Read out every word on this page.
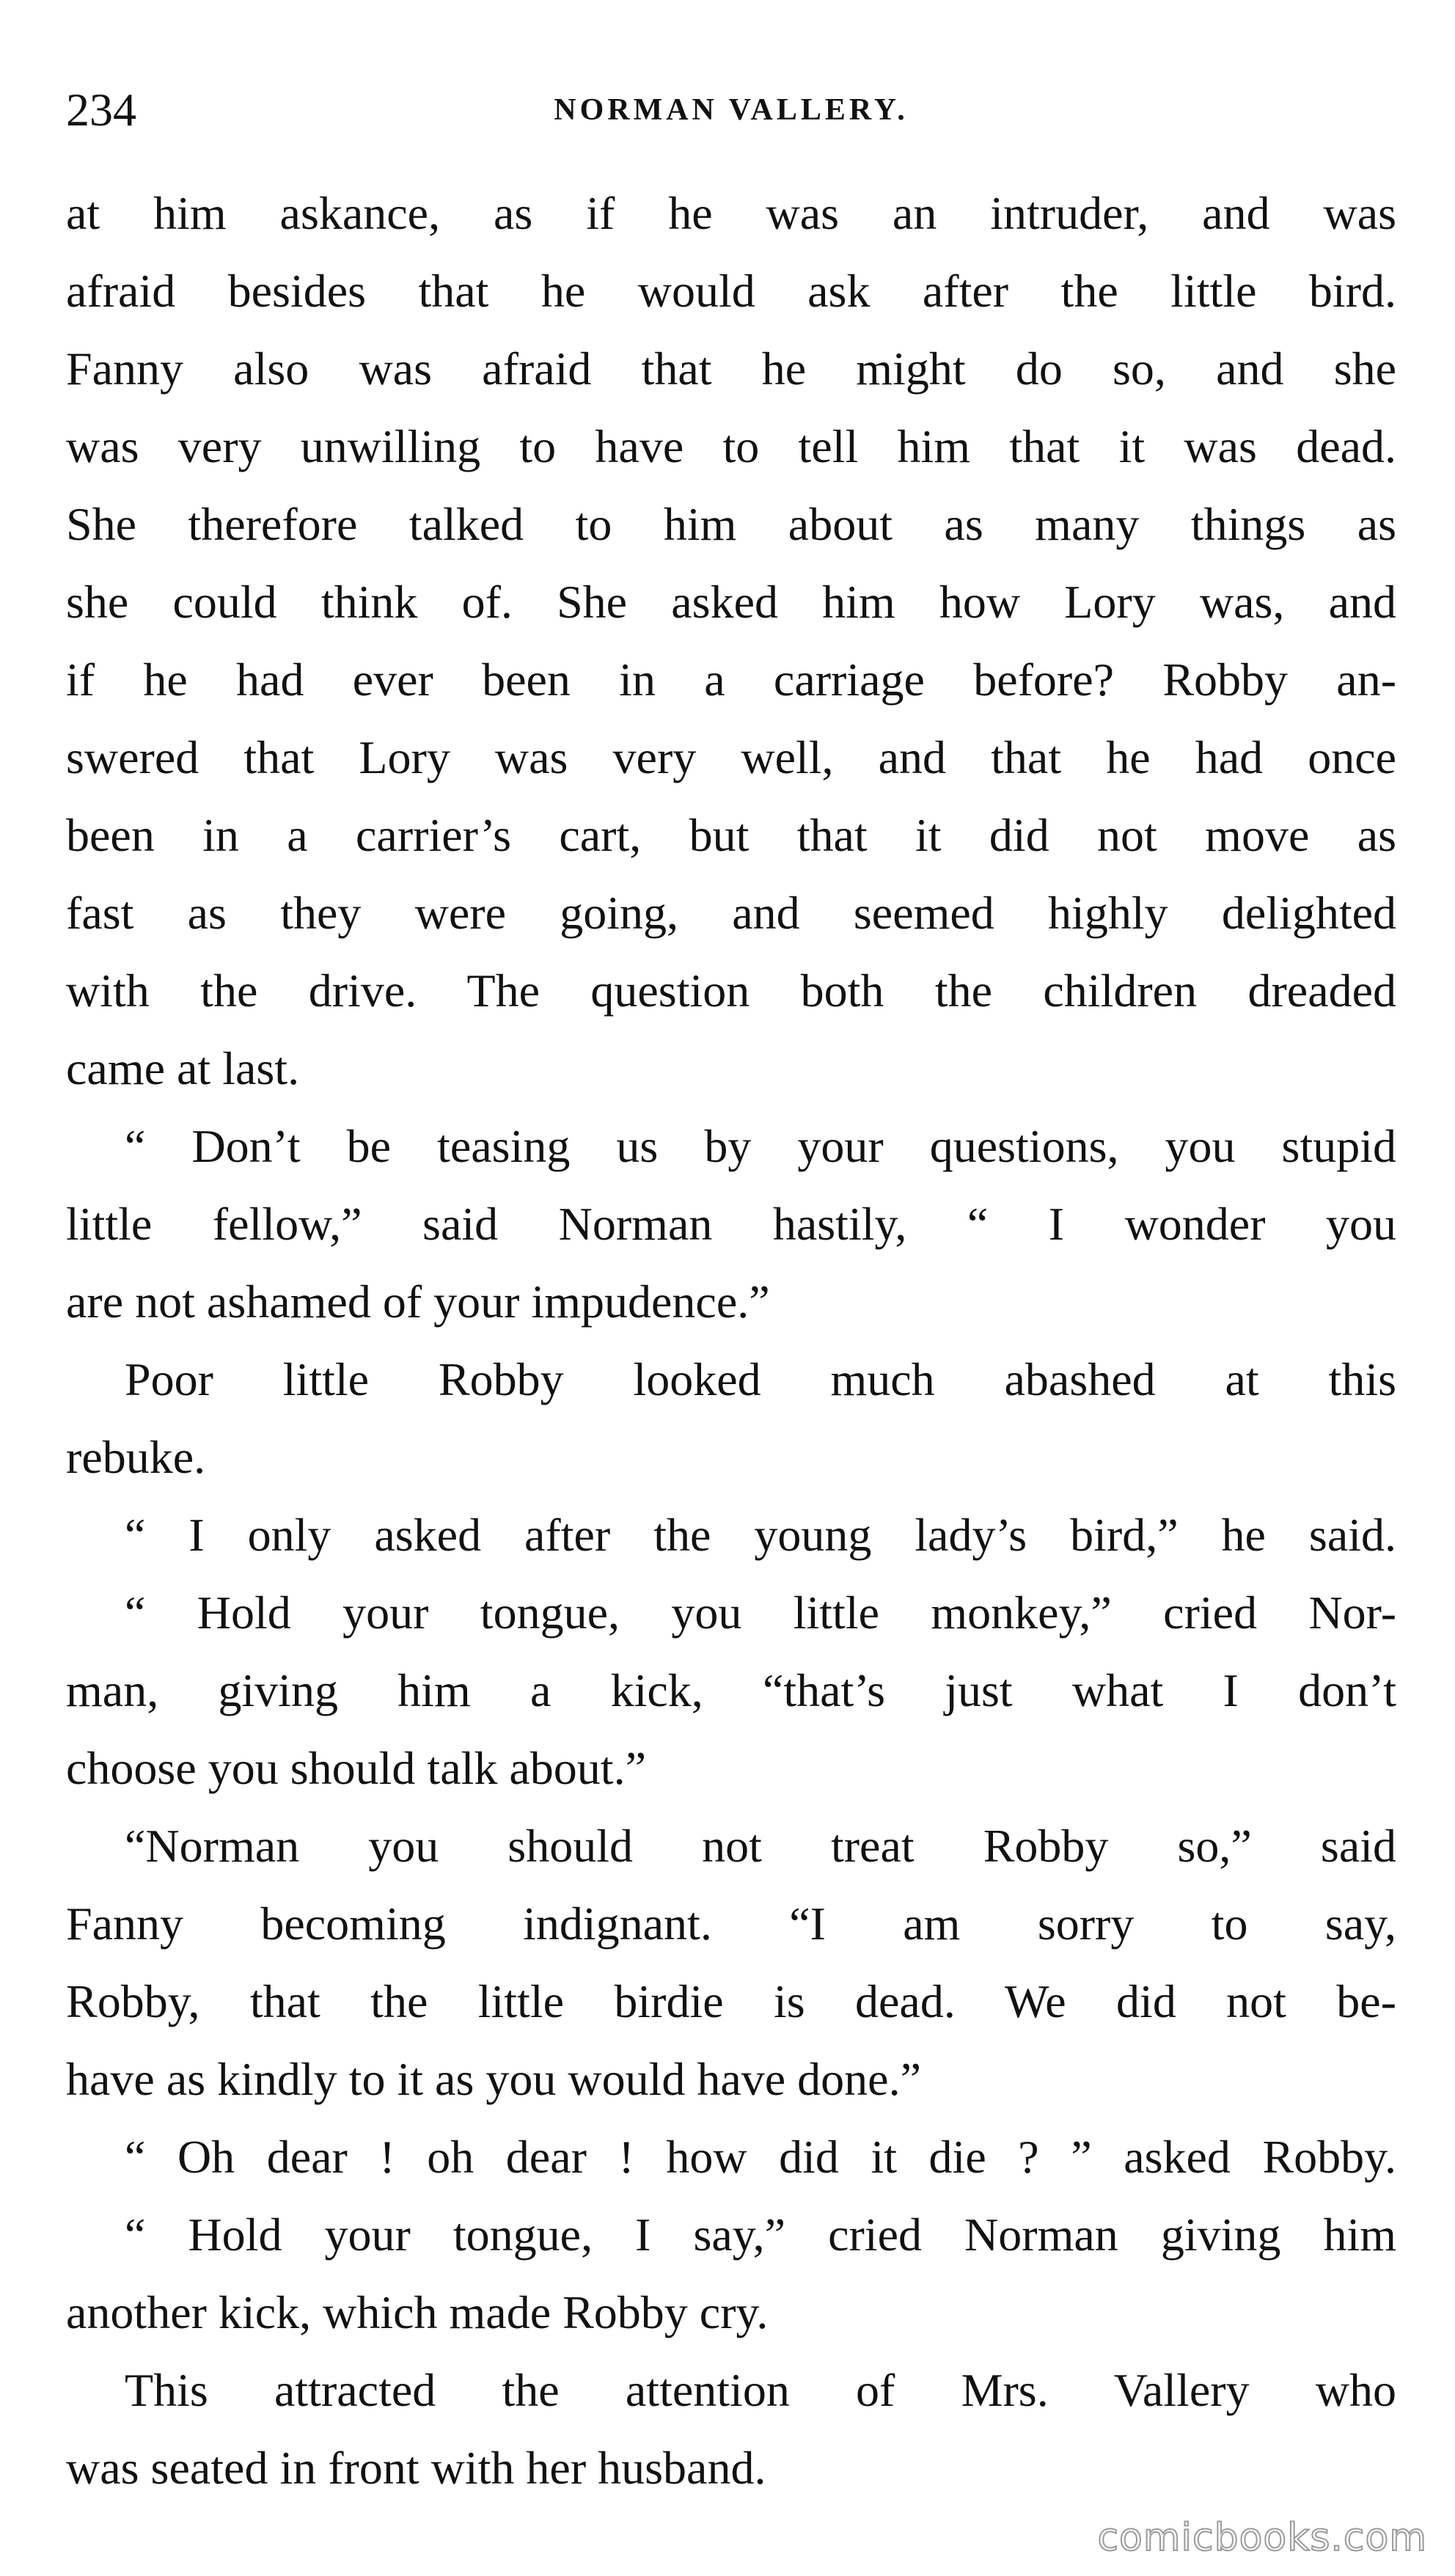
234	NORMAN VALLERY.
at him askance, as if he was an intruder, and was
afraid besides that he would ask after the little bird.
Fanny also was afraid that he might do so, and she
was very unwilling to have to tell him that it was dead.
She therefore talked to him about as many things as
she could think of. She asked him how Lory was, and
if he had ever been in a carriage before? Robby an-
swered that Lory was very well, and that he had once
been in a carrier’s cart, but that it did not move as
fast as they were going, and seemed highly delighted
with the drive. The question both the children dreaded
came at last.
“ Don’t be teasing us by your questions, you stupid
little fellow,” said Norman hastily, “ I wonder you
are not ashamed of your impudence.”
Poor little Robby looked much abashed at this
rebuke.
“ I only asked after the young lady’s bird,” he said.
“ Hold your tongue, you little monkey,” cried Nor-
man, giving him a kick, “that’s just what I don’t
choose you should talk about.”
“Norman you should not treat Robby so,” said
Fanny becoming indignant. “I am sorry to say,
Robby, that the little birdie is dead. We did not be-
have as kindly to it as you would have done.”
“ Oh dear ! oh dear ! how did it die ? ” asked Robby.
“ Hold your tongue, I say,” cried Norman giving him
another kick, which made Robby cry.
This attracted the attention of Mrs. Vallery who
was seated in front with her husband.
comicbooks.com
